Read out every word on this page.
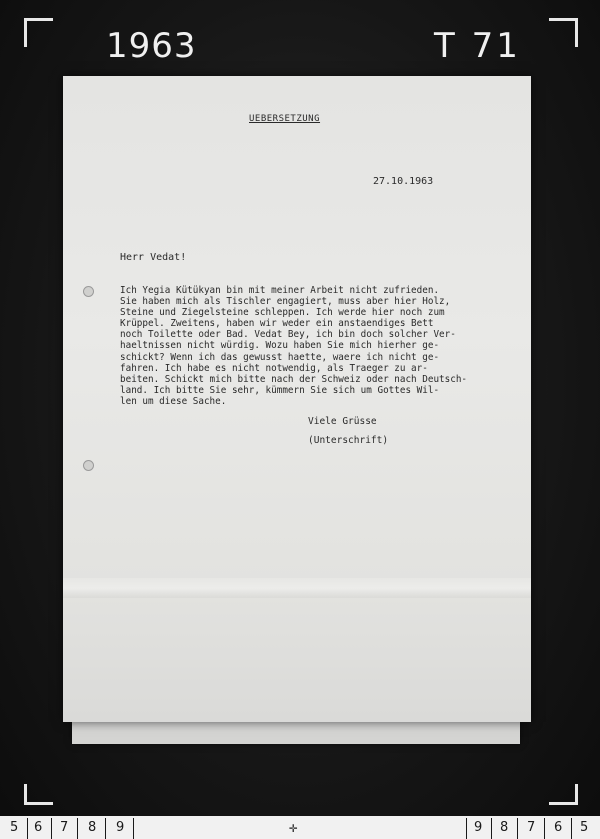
1963	T 71
UEBERSETZUNG
27.10.1963
Herr Vedat!
Ich Yegia Kütükyan bin mit meiner Arbeit nicht zufrieden.
Sie haben mich als Tischler engagiert, muss aber hier Holz,
Steine und Ziegelsteine schleppen. Ich werde hier noch zum
Krüppel. Zweitens, haben wir weder ein anstaendiges Bett
noch Toilette oder Bad. Vedat Bey, ich bin doch solcher Ver-
haeltnissen nicht würdig. Wozu haben Sie mich hierher ge-
schickt? Wenn ich das gewusst haette, waere ich nicht ge-
fahren. Ich habe es nicht notwendig, als Traeger zu ar-
beiten. Schickt mich bitte nach der Schweiz oder nach Deutsch-
land. Ich bitte Sie sehr, kümmern Sie sich um Gottes Wil-
len um diese Sache.
Viele Grüsse
(Unterschrift)
5 6 7 8 9	✛	9 8 7 6 5
